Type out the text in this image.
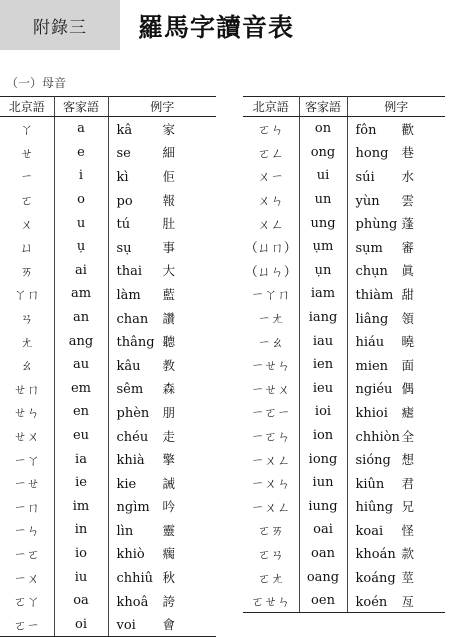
附錄三	羅馬字讀音表
（一）母音
北京語	客家語	例字
ㄚ	a	kâ 家
ㄝ	e	se 細
ㄧ	i	kì 佢
ㄛ	o	po 報
ㄨ	u	tú 肚
ㄩ	ụ	sụ 事
ㄞ	ai	thai 大
ㄚㄇ	am	làm 藍
ㄢ	an	chan 讚
ㄤ	ang	thâng 聽
ㄠ	au	kâu 教
ㄝㄇ	em	sêm 森
ㄝㄣ	en	phèn 朋
ㄝㄨ	eu	chéu 走
ㄧㄚ	ia	khià 擎
ㄧㄝ	ie	kie 誡
ㄧㄇ	im	ngìm 吟
ㄧㄣ	in	lìn 靈
ㄧㄛ	io	khiò 瘸
ㄧㄨ	iu	chhiû 秋
ㄛㄚ	oa	khoâ 誇
ㄛㄧ	oi	voi 會
北京語	客家語	例字
ㄛㄣ	on	fôn 歡
ㄛㄥ	ong	hong 巷
ㄨㄧ	ui	súi 水
ㄨㄣ	un	yùn 雲
ㄨㄥ	ung	phùng 蓬
（ㄩㄇ）	ụm	sụm 審
（ㄩㄣ）	ụn	chụn 眞
ㄧㄚㄇ	iam	thiàm 甜
ㄧㄤ	iang	liâng 領
ㄧㄠ	iau	hiáu 曉
ㄧㄝㄣ	ien	mien 面
ㄧㄝㄨ	ieu	ngiéu 偶
ㄧㄛㄧ	ioi	khioi 瘧
ㄧㄛㄣ	ion	chhiòn 全
ㄧㄨㄥ	iong	sióng 想
ㄧㄨㄣ	iun	kiûn 君
ㄧㄨㄥ	iung	hiûng 兄
ㄛㄞ	oai	koai 怪
ㄛㄢ	oan	khoán 款
ㄛㄤ	oang	koáng 莖
ㄛㄝㄣ	oen	koén 亙
